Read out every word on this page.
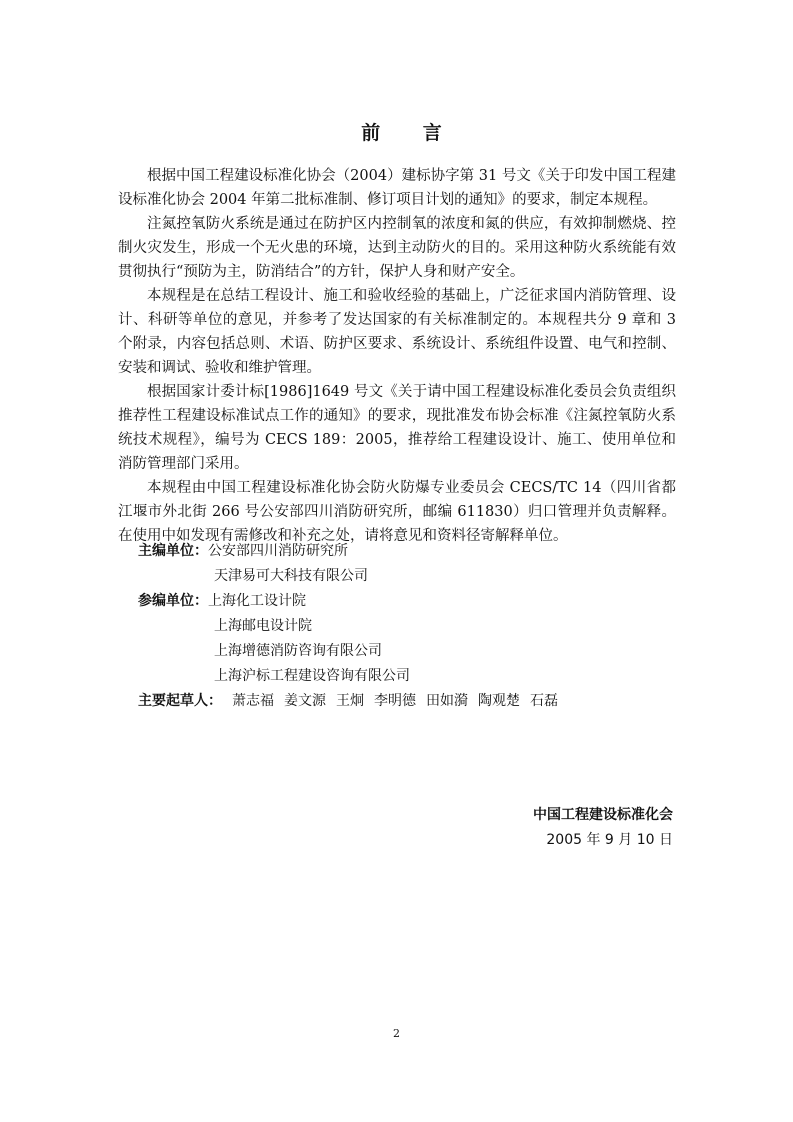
前 言

根据中国工程建设标准化协会（2004）建标协字第 31 号文《关于印发中国工程建设标准化协会 2004 年第二批标准制、修订项目计划的通知》的要求，制定本规程。

注氮控氧防火系统是通过在防护区内控制氧的浓度和氮的供应，有效抑制燃烧、控制火灾发生，形成一个无火患的环境，达到主动防火的目的。采用这种防火系统能有效贯彻执行“预防为主，防消结合”的方针，保护人身和财产安全。

本规程是在总结工程设计、施工和验收经验的基础上，广泛征求国内消防管理、设计、科研等单位的意见，并参考了发达国家的有关标准制定的。本规程共分 9 章和 3 个附录，内容包括总则、术语、防护区要求、系统设计、系统组件设置、电气和控制、安装和调试、验收和维护管理。

根据国家计委计标[1986]1649 号文《关于请中国工程建设标准化委员会负责组织推荐性工程建设标准试点工作的通知》的要求，现批准发布协会标准《注氮控氧防火系统技术规程》，编号为 CECS 189：2005，推荐给工程建设设计、施工、使用单位和消防管理部门采用。

本规程由中国工程建设标准化协会防火防爆专业委员会 CECS/TC 14（四川省都江堰市外北街 266 号公安部四川消防研究所，邮编 611830）归口管理并负责解释。在使用中如发现有需修改和补充之处，请将意见和资料径寄解释单位。

主编单位： 公安部四川消防研究所
天津易可大科技有限公司
参编单位： 上海化工设计院
上海邮电设计院
上海增德消防咨询有限公司
上海沪标工程建设咨询有限公司
主要起草人： 萧志福 姜文源 王炯 李明德 田如漪 陶观楚 石磊
中国工程建设标准化会
2005 年 9 月 10 日
2
